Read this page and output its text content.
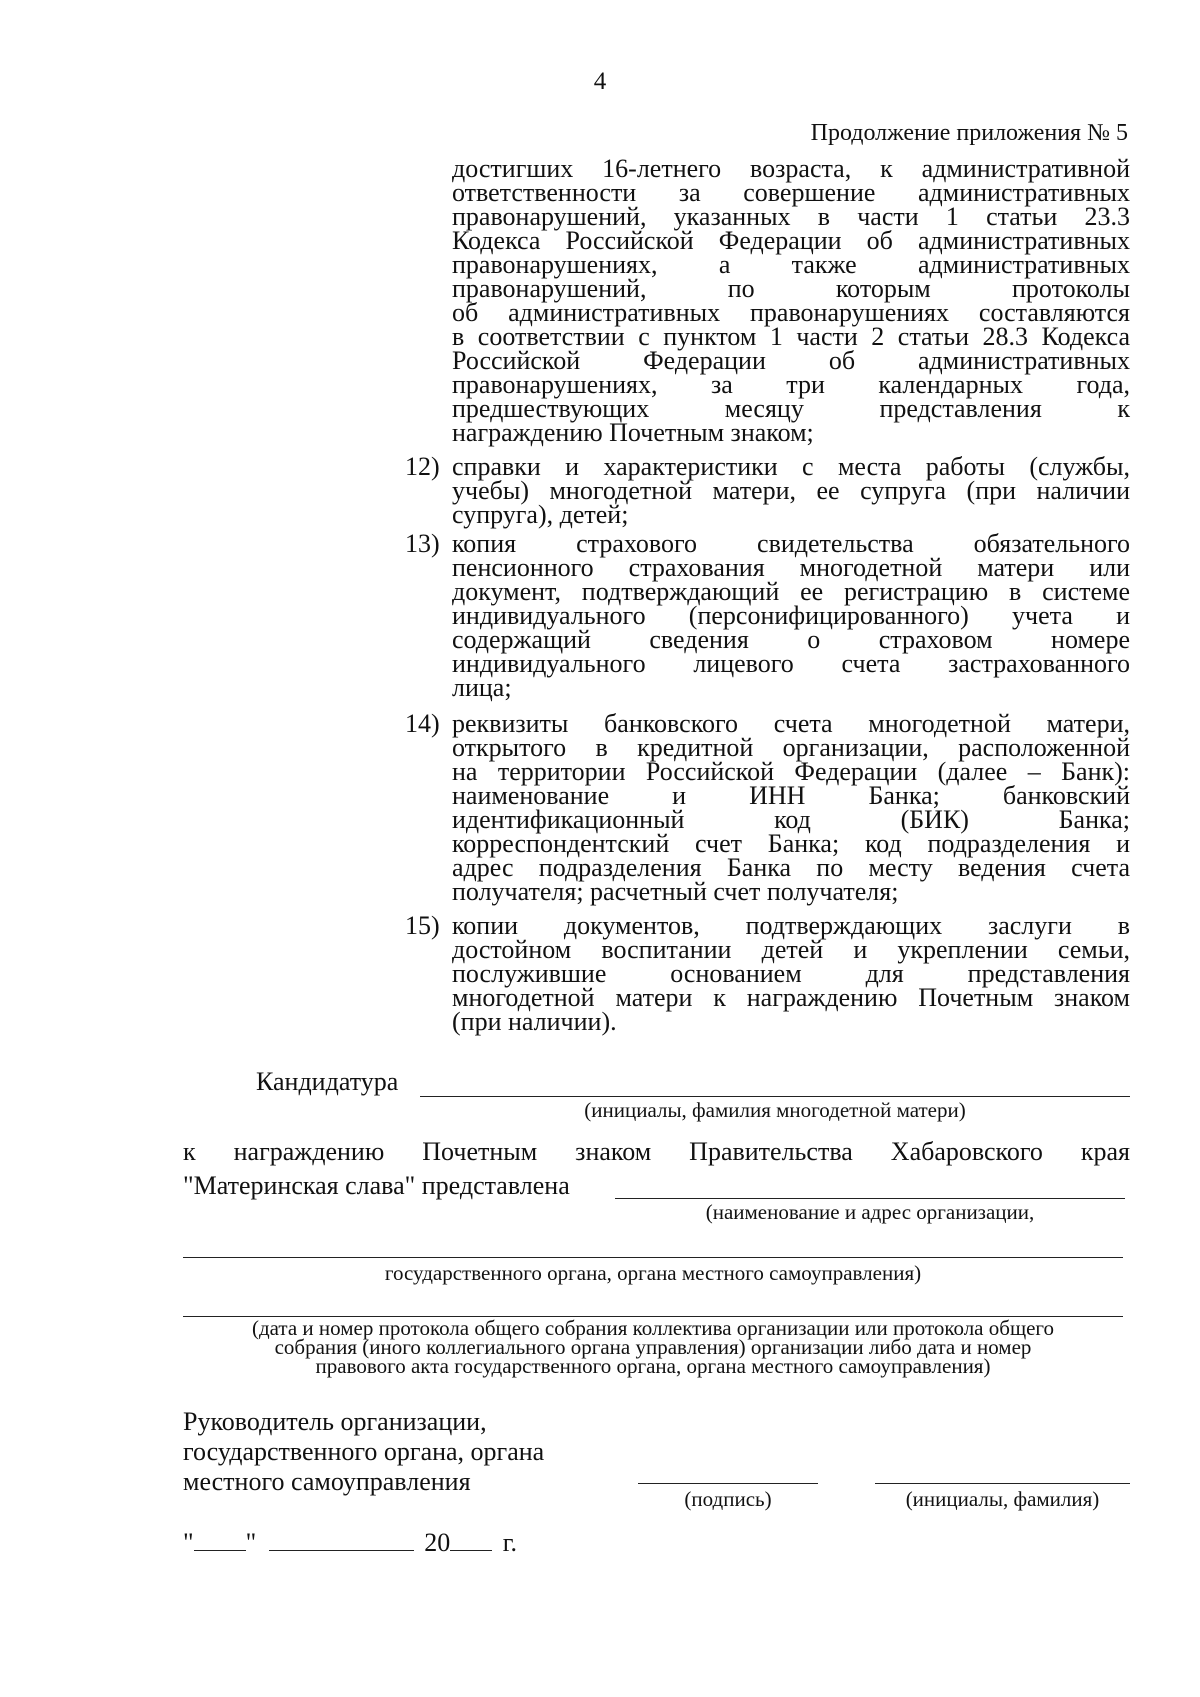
4
Продолжение приложения № 5
достигших 16-летнего возраста, к административной
ответственности за совершение административных
правонарушений, указанных в части 1 статьи 23.3
Кодекса Российской Федерации об административных
правонарушениях, а также административных
правонарушений, по которым протоколы
об административных правонарушениях составляются
в соответствии с пунктом 1 части 2 статьи 28.3 Кодекса
Российской Федерации об административных
правонарушениях, за три календарных года,
предшествующих месяцу представления к
награждению Почетным знаком;
12) справки и характеристики с места работы (службы,
учебы) многодетной матери, ее супруга (при наличии
супруга), детей;
13) копия страхового свидетельства обязательного
пенсионного страхования многодетной матери или
документ, подтверждающий ее регистрацию в системе
индивидуального (персонифицированного) учета и
содержащий сведения о страховом номере
индивидуального лицевого счета застрахованного
лица;
14) реквизиты банковского счета многодетной матери,
открытого в кредитной организации, расположенной
на территории Российской Федерации (далее – Банк):
наименование и ИНН Банка; банковский
идентификационный код (БИК) Банка;
корреспондентский счет Банка; код подразделения и
адрес подразделения Банка по месту ведения счета
получателя; расчетный счет получателя;
15) копии документов, подтверждающих заслуги в
достойном воспитании детей и укреплении семьи,
послужившие основанием для представления
многодетной матери к награждению Почетным знаком
(при наличии).
Кандидатура
(инициалы, фамилия многодетной матери)
к награждению Почетным знаком Правительства Хабаровского края
"Материнская слава" представлена
(наименование и адрес организации,
государственного органа, органа местного самоуправления)
(дата и номер протокола общего собрания коллектива организации или протокола общего
собрания (иного коллегиального органа управления) организации либо дата и номер
правового акта государственного органа, органа местного самоуправления)
Руководитель организации,
государственного органа, органа
местного самоуправления
(подпись)	(инициалы, фамилия)
" "	20 г.
